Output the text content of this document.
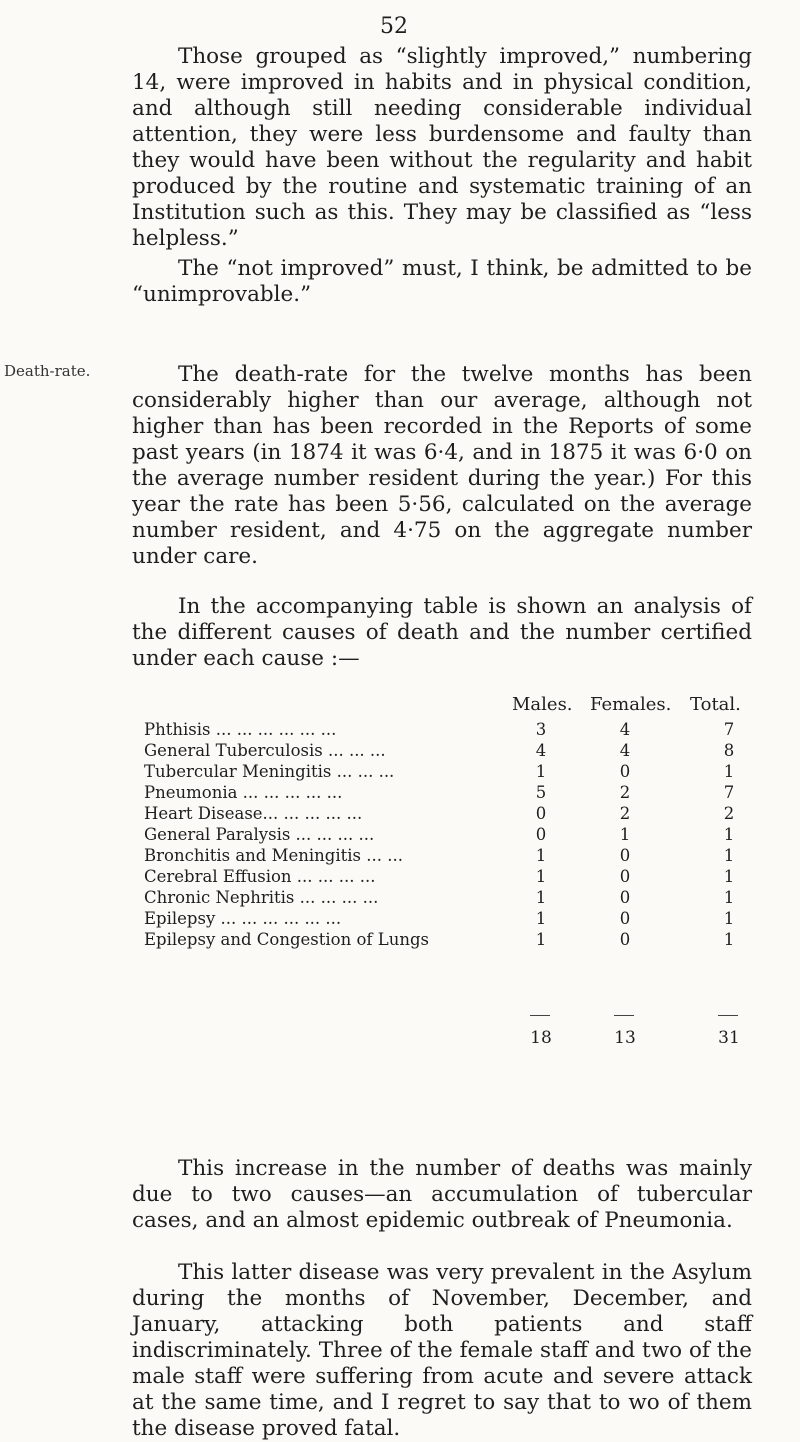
52

Those grouped as “slightly improved,” numbering 14, were improved in habits and in physical condition, and although still needing considerable individual attention, they were less burdensome and faulty than they would have been without the regularity and habit produced by the routine and systematic training of an Institution such as this. They may be classified as “less helpless.”

The “not improved” must, I think, be admitted to be “unimprovable.”

Death-rate.	The death-rate for the twelve months has been considerably higher than our average, although not higher than has been recorded in the Reports of some past years (in 1874 it was 6·4, and in 1875 it was 6·0 on the average number resident during the year.) For this year the rate has been 5·56, calculated on the average number resident, and 4·75 on the aggregate number under care.

In the accompanying table is shown an analysis of the different causes of death and the number certified under each cause :—

Males. Females. Total.
Phthisis ... ... ... ... ... ...	3	4	7
General Tuberculosis ... ... ...	4	4	8
Tubercular Meningitis ... ... ...	1	0	1
Pneumonia ... ... ... ... ...	5	2	7
Heart Disease... ... ... ... ...	0	2	2
General Paralysis ... ... ... ...	0	1	1
Bronchitis and Meningitis ... ...	1	0	1
Cerebral Effusion ... ... ... ...	1	0	1
Chronic Nephritis ... ... ... ...	1	0	1
Epilepsy ... ... ... ... ... ...	1	0	1
Epilepsy and Congestion of Lungs	1	0	1
18	13	31

This increase in the number of deaths was mainly due to two causes—an accumulation of tubercular cases, and an almost epidemic outbreak of Pneumonia.

This latter disease was very prevalent in the Asylum during the months of November, December, and January, attacking both patients and staff indiscriminately. Three of the female staff and two of the male staff were suffering from acute and severe attack at the same time, and I regret to say that to wo of them the disease proved fatal.
